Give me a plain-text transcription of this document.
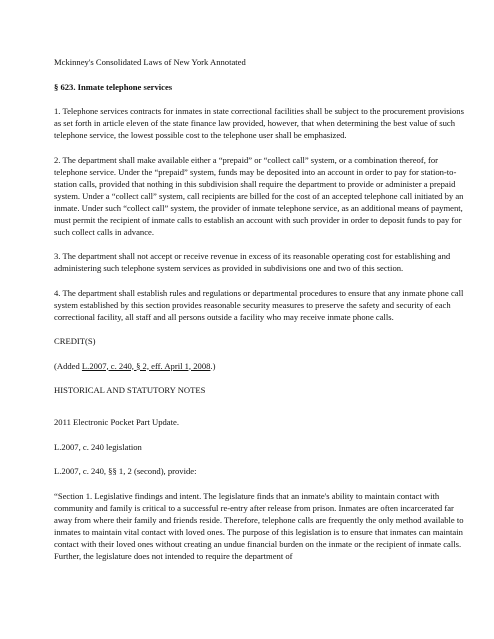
Mckinney's Consolidated Laws of New York Annotated

§ 623. Inmate telephone services

1. Telephone services contracts for inmates in state correctional facilities shall be subject to the procurement provisions as set forth in article eleven of the state finance law provided, however, that when determining the best value of such telephone service, the lowest possible cost to the telephone user shall be emphasized.

2. The department shall make available either a “prepaid” or “collect call” system, or a combination thereof, for telephone service. Under the “prepaid” system, funds may be deposited into an account in order to pay for station-to-station calls, provided that nothing in this subdivision shall require the department to provide or administer a prepaid system. Under a “collect call” system, call recipients are billed for the cost of an accepted telephone call initiated by an inmate. Under such “collect call” system, the provider of inmate telephone service, as an additional means of payment, must permit the recipient of inmate calls to establish an account with such provider in order to deposit funds to pay for such collect calls in advance.

3. The department shall not accept or receive revenue in excess of its reasonable operating cost for establishing and administering such telephone system services as provided in subdivisions one and two of this section.

4. The department shall establish rules and regulations or departmental procedures to ensure that any inmate phone call system established by this section provides reasonable security measures to preserve the safety and security of each correctional facility, all staff and all persons outside a facility who may receive inmate phone calls.

CREDIT(S)

(Added L.2007, c. 240, § 2, eff. April 1, 2008.)

HISTORICAL AND STATUTORY NOTES

2011 Electronic Pocket Part Update.

L.2007, c. 240 legislation

L.2007, c. 240, §§ 1, 2 (second), provide:

“Section 1. Legislative findings and intent. The legislature finds that an inmate's ability to maintain contact with community and family is critical to a successful re-entry after release from prison. Inmates are often incarcerated far away from where their family and friends reside. Therefore, telephone calls are frequently the only method available to inmates to maintain vital contact with loved ones. The purpose of this legislation is to ensure that inmates can maintain contact with their loved ones without creating an undue financial burden on the inmate or the recipient of inmate calls. Further, the legislature does not intended to require the department of
